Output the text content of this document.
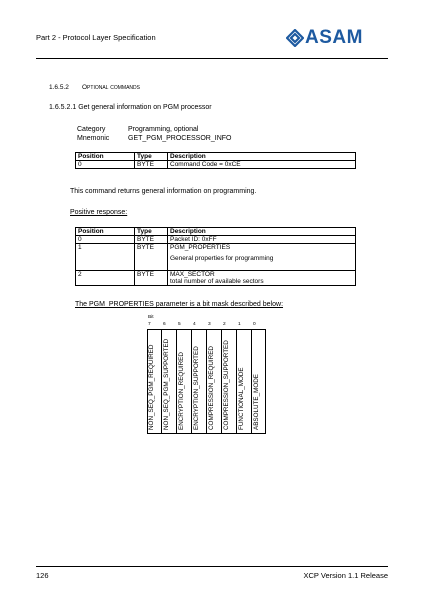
Part 2 - Protocol Layer Specification	ASAM
1.6.5.2 Optional commands
1.6.5.2.1 Get general information on PGM processor
Category	Programming, optional
Mnemonic	GET_PGM_PROCESSOR_INFO
Position	Type	Description
0	BYTE	Command Code = 0xCE
This command returns general information on programming.
Positive response:
Position	Type	Description
0	BYTE	Packet ID: 0xFF
1	BYTE	PGM_PROPERTIES
General properties for programming

2	BYTE	MAX_SECTOR
total number of available sectors
The PGM_PROPERTIES parameter is a bit mask described below:
Bit
7	6	5	4	3	2	1	0
NON_SEQ_PGM_REQUIRED	NON_SEQ_PGM_SUPPORTED	ENCRYPTION_REQUIRED	ENCRYPTION_SUPPORTED	COMPRESSION_REQUIRED	COMPRESSION_SUPPORTED	FUNCTIONAL_MODE	ABSOLUTE_MODE
126	XCP Version 1.1 Release
